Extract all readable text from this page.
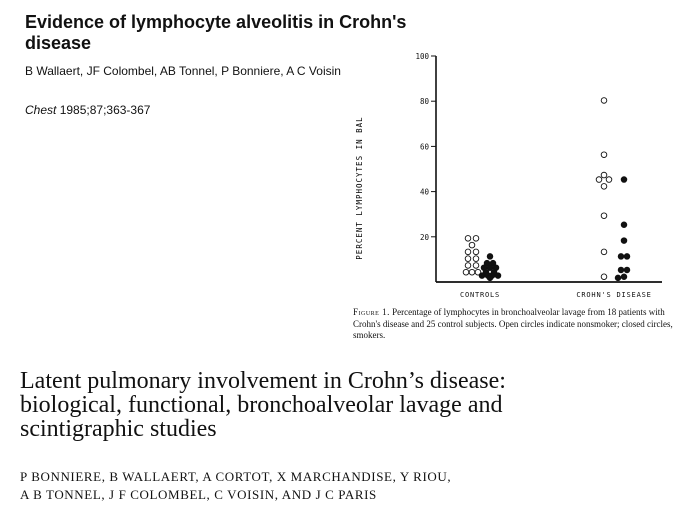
Evidence of lymphocyte alveolitis in Crohn's disease
B Wallaert, JF Colombel, AB Tonnel, P Bonniere, A C Voisin
Chest 1985;87;363-367
20
40
60
80
100
CONTROLS	CROHN'S DISEASE
PERCENT LYMPHOCYTES IN BAL
Figure 1. Percentage of lymphocytes in bronchoalveolar lavage from 18 patients with Crohn's disease and 25 control subjects. Open circles indicate nonsmoker; closed circles, smokers.
Latent pulmonary involvement in Crohn’s disease:
biological, functional, bronchoalveolar lavage and
scintigraphic studies
P BONNIERE, B WALLAERT, A CORTOT, X MARCHANDISE, Y RIOU,
A B TONNEL, J F COLOMBEL, C VOISIN, AND J C PARIS
